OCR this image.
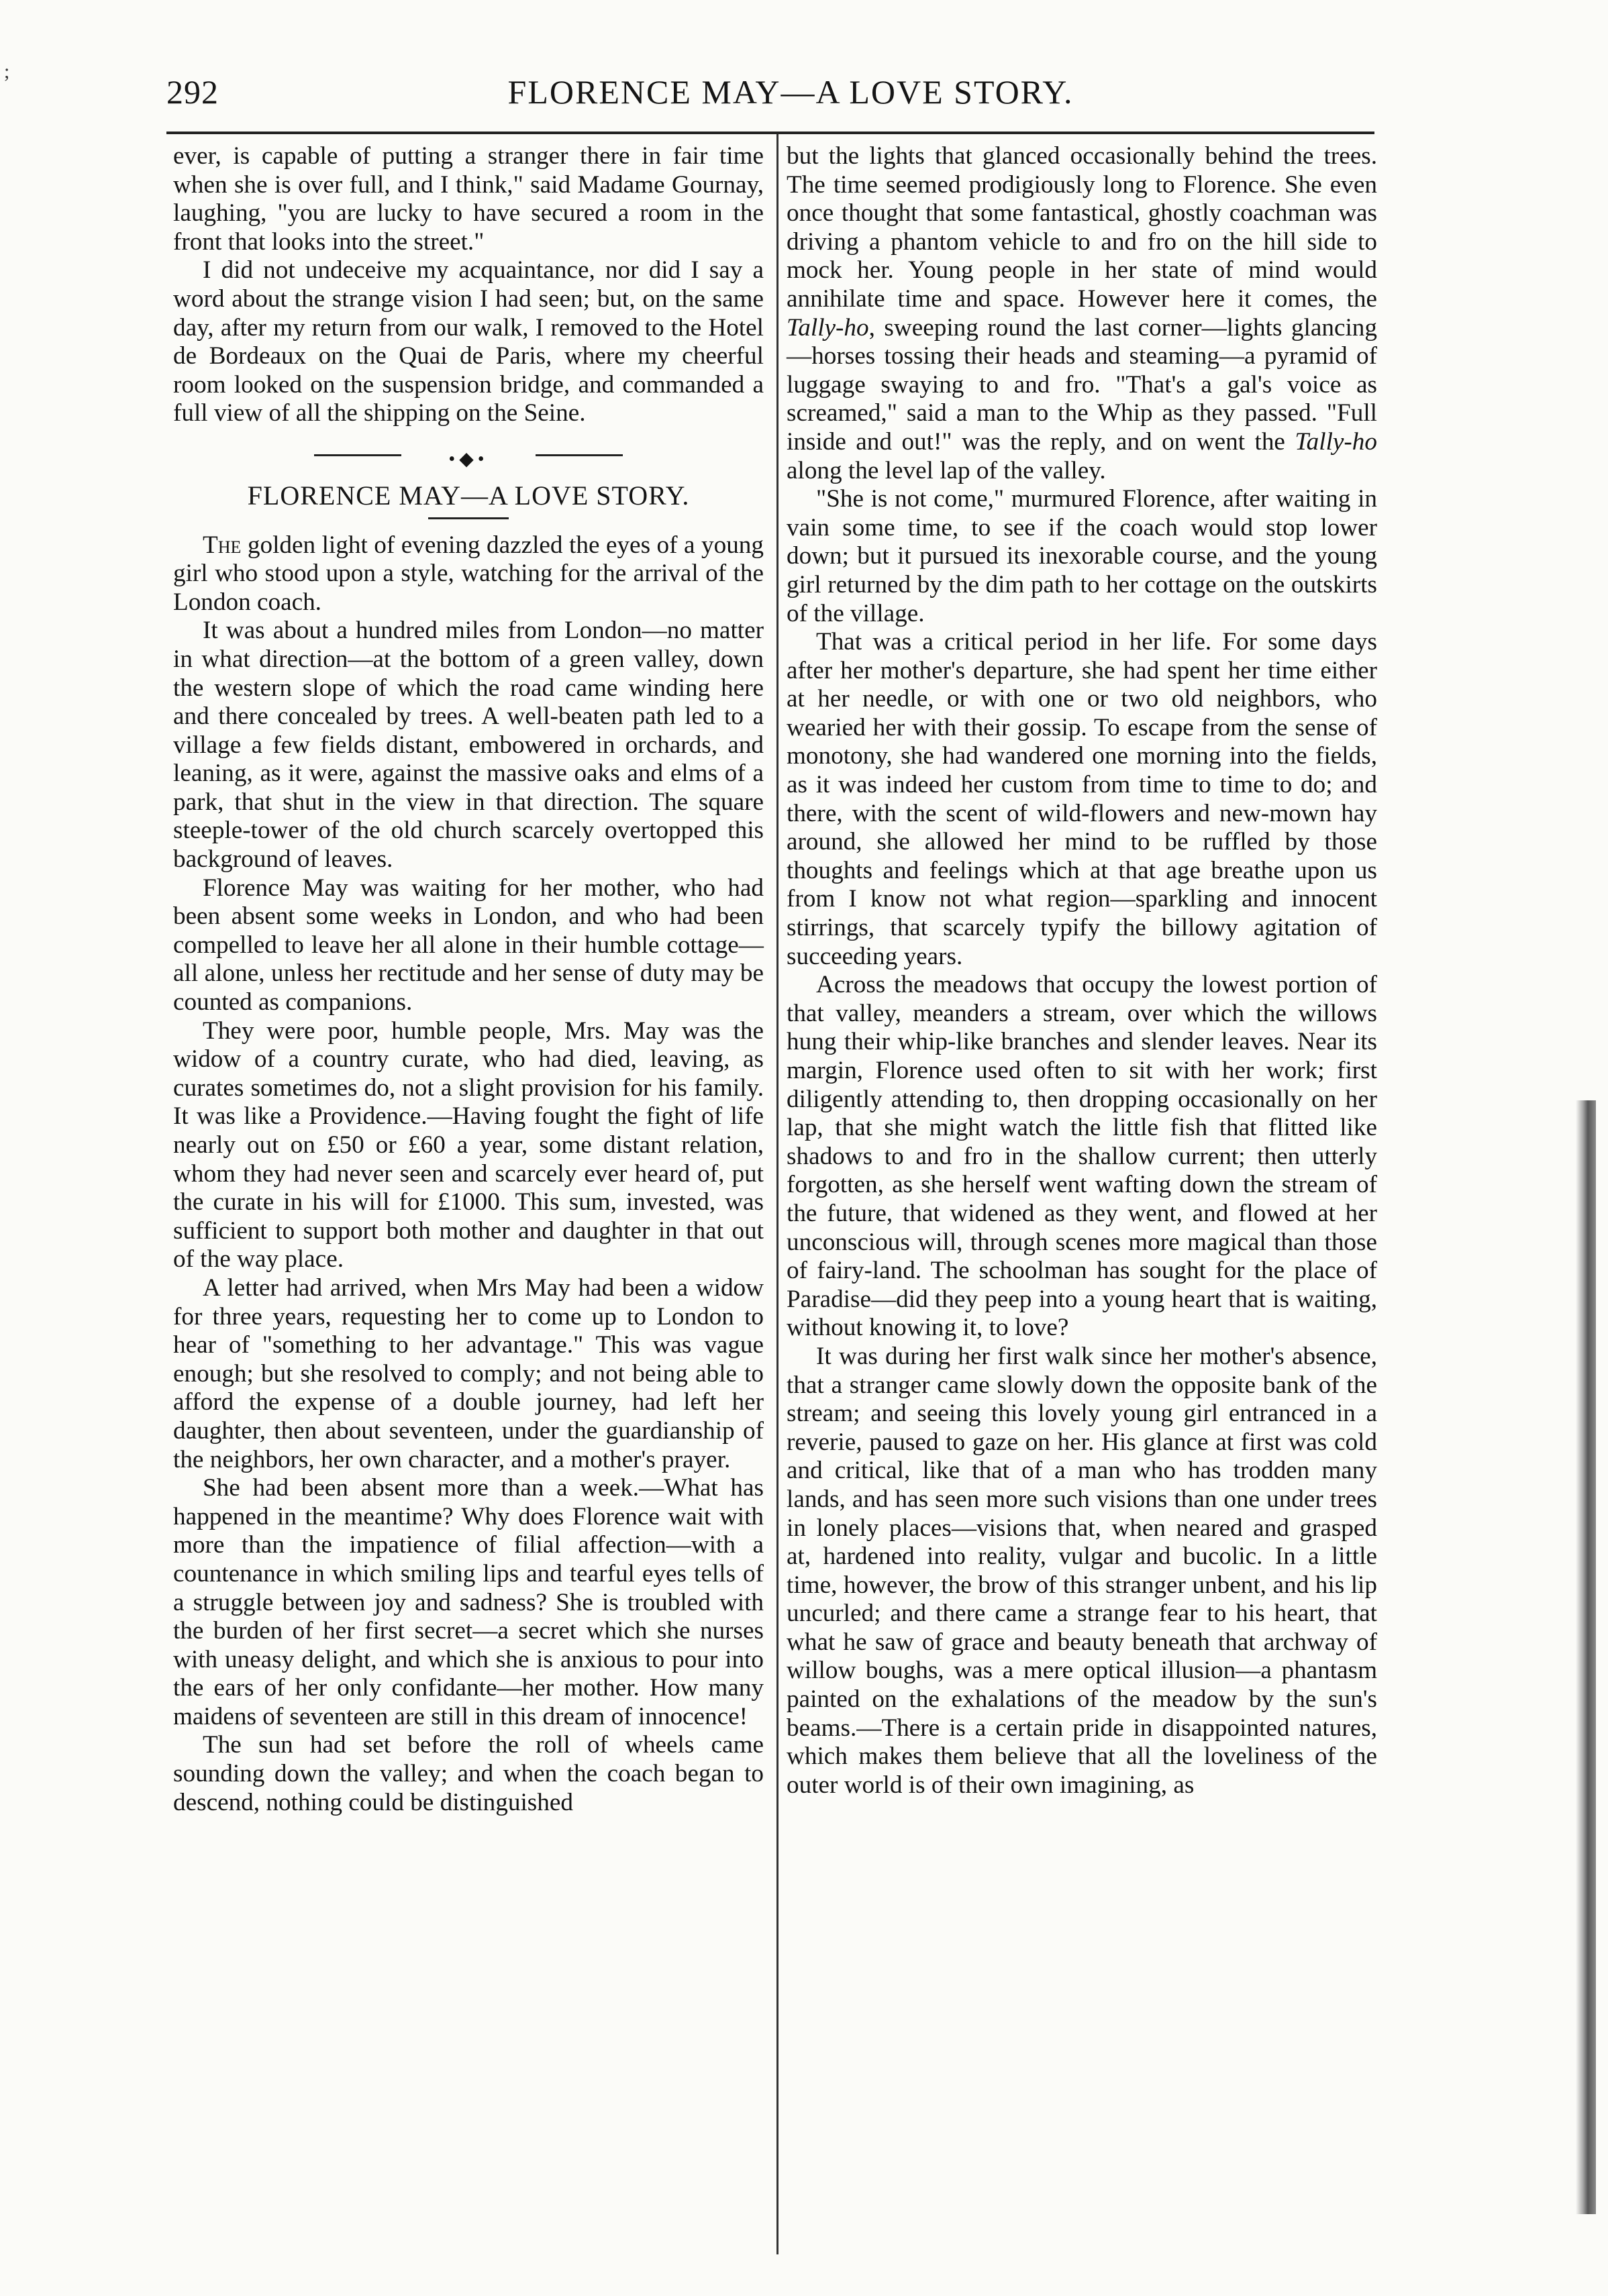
;
292	FLORENCE MAY—A LOVE STORY.

ever, is capable of putting a stranger there in fair time when she is over full, and I think," said Madame Gournay, laughing, "you are lucky to have secured a room in the front that looks into the street."

I did not undeceive my acquaintance, nor did I say a word about the strange vision I had seen; but, on the same day, after my return from our walk, I removed to the Hotel de Bordeaux on the Quai de Paris, where my cheerful room looked on the suspension bridge, and commanded a full view of all the shipping on the Seine.

•◆•
FLORENCE MAY—A LOVE STORY.

The golden light of evening dazzled the eyes of a young girl who stood upon a style, watching for the arrival of the London coach.

It was about a hundred miles from London—no matter in what direction—at the bottom of a green valley, down the western slope of which the road came winding here and there concealed by trees. A well-beaten path led to a village a few fields distant, embowered in orchards, and leaning, as it were, against the massive oaks and elms of a park, that shut in the view in that direction. The square steeple-tower of the old church scarcely overtopped this background of leaves.

Florence May was waiting for her mother, who had been absent some weeks in London, and who had been compelled to leave her all alone in their humble cottage—all alone, unless her rectitude and her sense of duty may be counted as companions.

They were poor, humble people, Mrs. May was the widow of a country curate, who had died, leaving, as curates sometimes do, not a slight provision for his family. It was like a Providence.—Having fought the fight of life nearly out on £50 or £60 a year, some distant relation, whom they had never seen and scarcely ever heard of, put the curate in his will for £1000. This sum, invested, was sufficient to support both mother and daughter in that out of the way place.

A letter had arrived, when Mrs May had been a widow for three years, requesting her to come up to London to hear of "something to her advantage." This was vague enough; but she resolved to comply; and not being able to afford the expense of a double journey, had left her daughter, then about seventeen, under the guardianship of the neighbors, her own character, and a mother's prayer.

She had been absent more than a week.—What has happened in the meantime? Why does Florence wait with more than the impatience of filial affection—with a countenance in which smiling lips and tearful eyes tells of a struggle between joy and sadness? She is troubled with the burden of her first secret—a secret which she nurses with uneasy delight, and which she is anxious to pour into the ears of her only confidante—her mother. How many maidens of seventeen are still in this dream of innocence!

The sun had set before the roll of wheels came sounding down the valley; and when the coach began to descend, nothing could be distinguished

but the lights that glanced occasionally behind the trees. The time seemed prodigiously long to Florence. She even once thought that some fantastical, ghostly coachman was driving a phantom vehicle to and fro on the hill side to mock her. Young people in her state of mind would annihilate time and space. However here it comes, the Tally-ho, sweeping round the last corner—lights glancing—horses tossing their heads and steaming—a pyramid of luggage swaying to and fro. "That's a gal's voice as screamed," said a man to the Whip as they passed. "Full inside and out!" was the reply, and on went the Tally-ho along the level lap of the valley.

"She is not come," murmured Florence, after waiting in vain some time, to see if the coach would stop lower down; but it pursued its inexorable course, and the young girl returned by the dim path to her cottage on the outskirts of the village.

That was a critical period in her life. For some days after her mother's departure, she had spent her time either at her needle, or with one or two old neighbors, who wearied her with their gossip. To escape from the sense of monotony, she had wandered one morning into the fields, as it was indeed her custom from time to time to do; and there, with the scent of wild-flowers and new-mown hay around, she allowed her mind to be ruffled by those thoughts and feelings which at that age breathe upon us from I know not what region—sparkling and innocent stirrings, that scarcely typify the billowy agitation of succeeding years.

Across the meadows that occupy the lowest portion of that valley, meanders a stream, over which the willows hung their whip-like branches and slender leaves. Near its margin, Florence used often to sit with her work; first diligently attending to, then dropping occasionally on her lap, that she might watch the little fish that flitted like shadows to and fro in the shallow current; then utterly forgotten, as she herself went wafting down the stream of the future, that widened as they went, and flowed at her unconscious will, through scenes more magical than those of fairy-land. The schoolman has sought for the place of Paradise—did they peep into a young heart that is waiting, without knowing it, to love?

It was during her first walk since her mother's absence, that a stranger came slowly down the opposite bank of the stream; and seeing this lovely young girl entranced in a reverie, paused to gaze on her. His glance at first was cold and critical, like that of a man who has trodden many lands, and has seen more such visions than one under trees in lonely places—visions that, when neared and grasped at, hardened into reality, vulgar and bucolic. In a little time, however, the brow of this stranger unbent, and his lip uncurled; and there came a strange fear to his heart, that what he saw of grace and beauty beneath that archway of willow boughs, was a mere optical illusion—a phantasm painted on the exhalations of the meadow by the sun's beams.—There is a certain pride in disappointed natures, which makes them believe that all the loveliness of the outer world is of their own imagining, as
